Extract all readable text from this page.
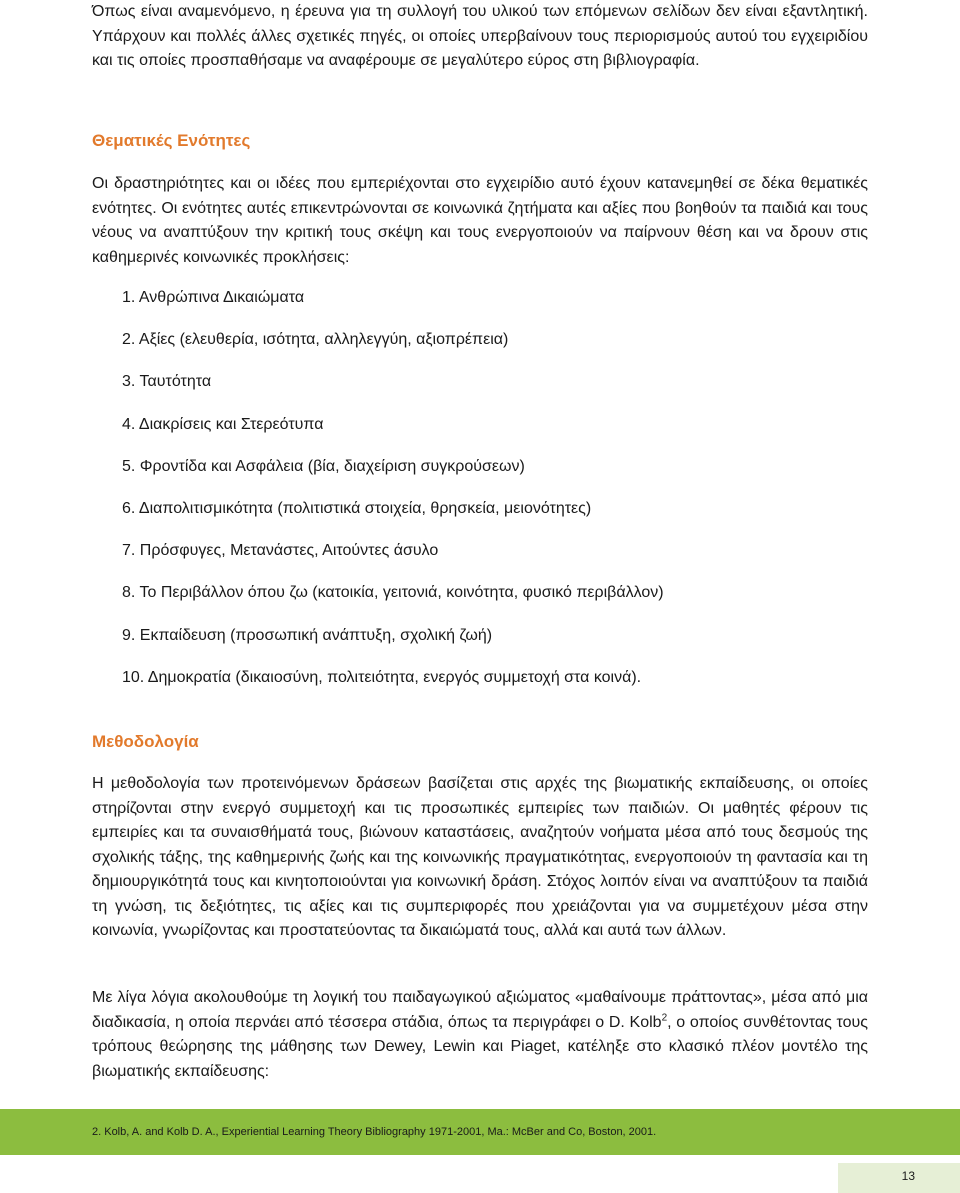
Όπως είναι αναμενόμενο, η έρευνα για τη συλλογή του υλικού των επόμενων σελίδων δεν είναι εξαντλητική. Υπάρχουν και πολλές άλλες σχετικές πηγές, οι οποίες υπερβαίνουν τους περιορισμούς αυτού του εγχειριδίου και τις οποίες προσπαθήσαμε να αναφέρουμε σε μεγαλύτερο εύρος στη βιβλιογραφία.

Θεματικές Ενότητες

Οι δραστηριότητες και οι ιδέες που εμπεριέχονται στο εγχειρίδιο αυτό έχουν κατανεμηθεί σε δέκα θεματικές ενότητες. Οι ενότητες αυτές επικεντρώνονται σε κοινωνικά ζητήματα και αξίες που βοηθούν τα παιδιά και τους νέους να αναπτύξουν την κριτική τους σκέψη και τους ενεργοποιούν να παίρνουν θέση και να δρουν στις καθημερινές κοινωνικές προκλήσεις:

1. Ανθρώπινα Δικαιώματα
2. Αξίες (ελευθερία, ισότητα, αλληλεγγύη, αξιοπρέπεια)
3. Ταυτότητα
4. Διακρίσεις και Στερεότυπα
5. Φροντίδα και Ασφάλεια (βία, διαχείριση συγκρούσεων)
6. Διαπολιτισμικότητα (πολιτιστικά στοιχεία, θρησκεία, μειονότητες)
7. Πρόσφυγες, Μετανάστες, Αιτούντες άσυλο
8. Το Περιβάλλον όπου ζω (κατοικία, γειτονιά, κοινότητα, φυσικό περιβάλλον)
9. Εκπαίδευση (προσωπική ανάπτυξη, σχολική ζωή)
10. Δημοκρατία (δικαιοσύνη, πολιτειότητα, ενεργός συμμετοχή στα κοινά).
Μεθοδολογία

Η μεθοδολογία των προτεινόμενων δράσεων βασίζεται στις αρχές της βιωματικής εκπαίδευσης, οι οποίες στηρίζονται στην ενεργό συμμετοχή και τις προσωπικές εμπειρίες των παιδιών. Οι μαθητές φέρουν τις εμπειρίες και τα συναισθήματά τους, βιώνουν καταστάσεις, αναζητούν νοήματα μέσα από τους δεσμούς της σχολικής τάξης, της καθημερινής ζωής και της κοινωνικής πραγματικότητας, ενεργοποιούν τη φαντασία και τη δημιουργικότητά τους και κινητοποιούνται για κοινωνική δράση. Στόχος λοιπόν είναι να αναπτύξουν τα παιδιά τη γνώση, τις δεξιότητες, τις αξίες και τις συμπεριφορές που χρειάζονται για να συμμετέχουν μέσα στην κοινωνία, γνωρίζοντας και προστατεύοντας τα δικαιώματά τους, αλλά και αυτά των άλλων.

Με λίγα λόγια ακολουθούμε τη λογική του παιδαγωγικού αξιώματος «μαθαίνουμε πράττοντας», μέσα από μια διαδικασία, η οποία περνάει από τέσσερα στάδια, όπως τα περιγράφει ο D. Kolb$^2$, ο οποίος συνθέτοντας τους τρόπους θεώρησης της μάθησης των Dewey, Lewin και Piaget, κατέληξε στο κλασικό πλέον μοντέλο της βιωματικής εκπαίδευσης:

2. Kolb, A. and Kolb D. A., Experiential Learning Theory Bibliography 1971-2001, Ma.: McBer and Co, Boston, 2001.
13
